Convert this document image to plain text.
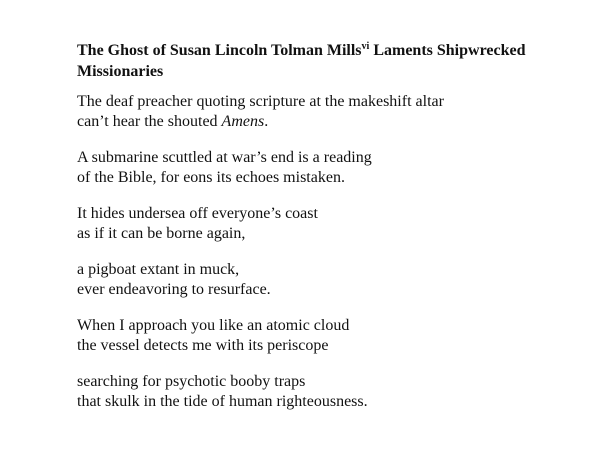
The Ghost of Susan Lincoln Tolman Mills$^{vi}$ Laments Shipwrecked
Missionaries
The deaf preacher quoting scripture at the makeshift altar
can’t hear the shouted Amens.
A submarine scuttled at war’s end is a reading
of the Bible, for eons its echoes mistaken.
It hides undersea off everyone’s coast
as if it can be borne again,
a pigboat extant in muck,
ever endeavoring to resurface.
When I approach you like an atomic cloud
the vessel detects me with its periscope
searching for psychotic booby traps
that skulk in the tide of human righteousness.
